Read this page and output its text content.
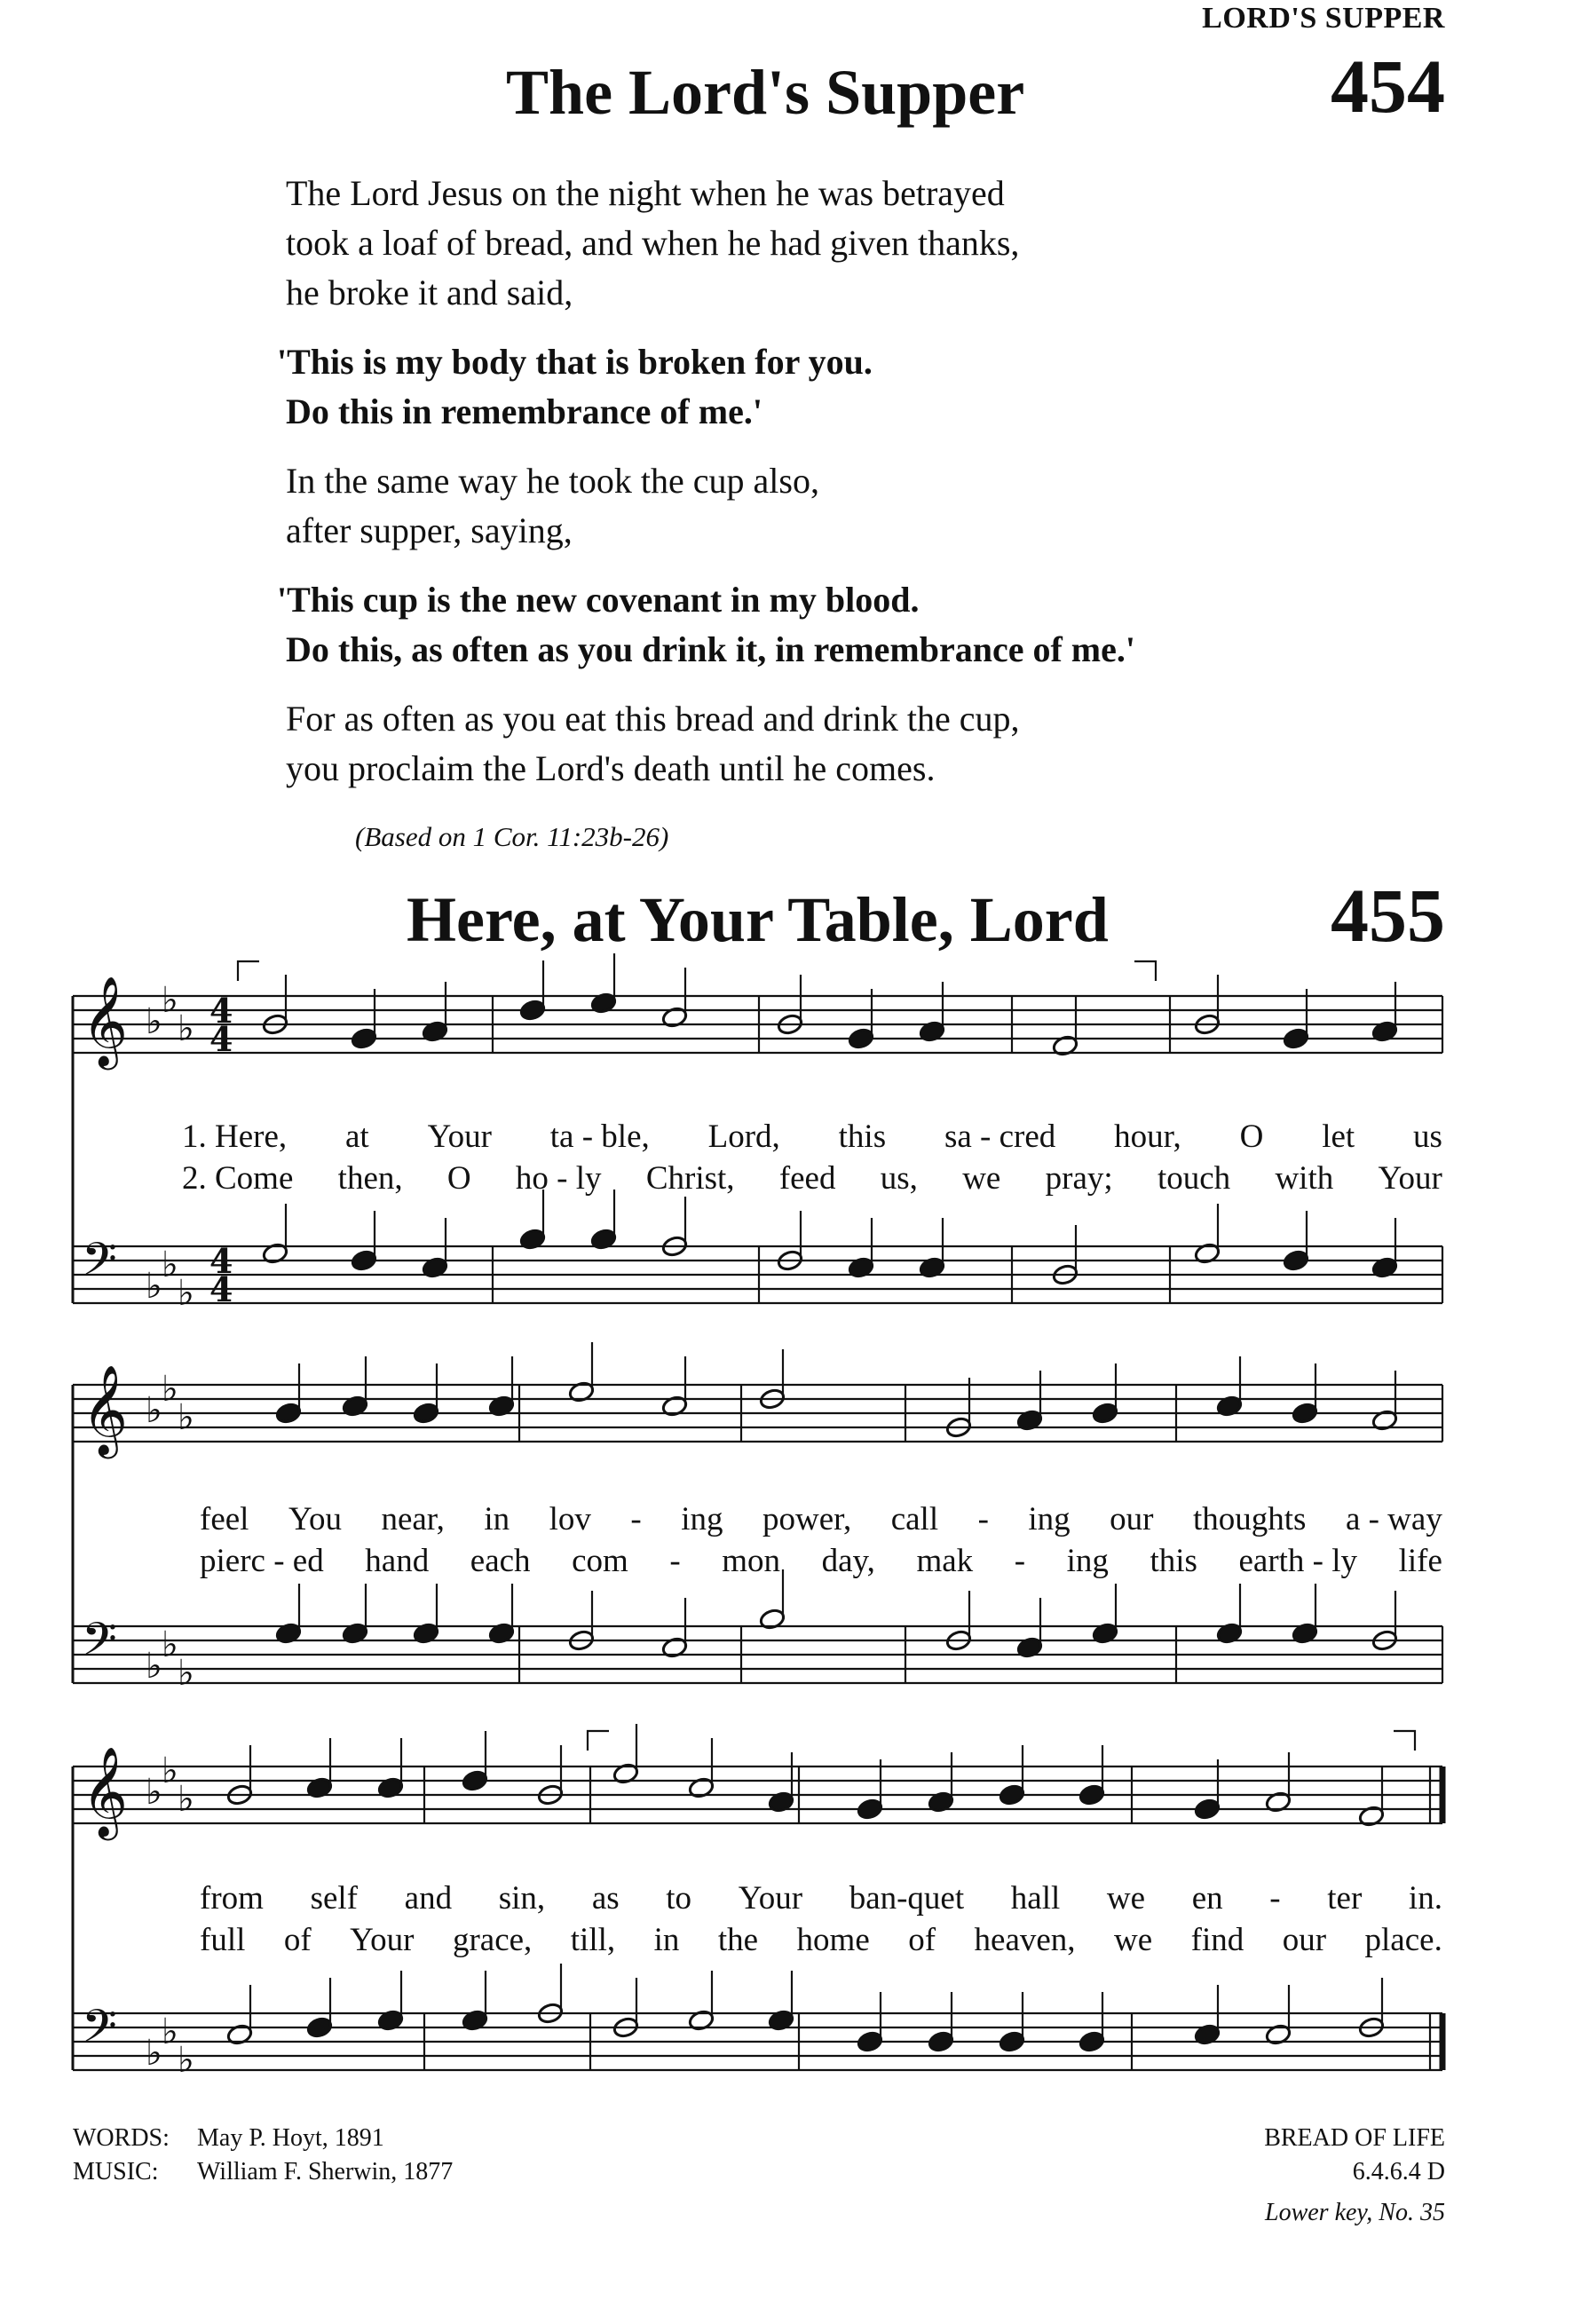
LORD'S SUPPER
The Lord's Supper	454

The Lord Jesus on the night when he was betrayed
took a loaf of bread, and when he had given thanks,
he broke it and said,

'This is my body that is broken for you.
Do this in remembrance of me.'

In the same way he took the cup also,
after supper, saying,

'This cup is the new covenant in my blood.
Do this, as often as you drink it, in remembrance of me.'

For as often as you eat this bread and drink the cup,
you proclaim the Lord's death until he comes.

(Based on 1 Cor. 11:23b-26)
Here, at Your Table, Lord	455
𝄞 ♭
♭
♭
𝄢 ♭
♭
♭
𝄞 ♭
♭
♭
𝄢 ♭
♭
♭
𝄞 ♭
♭
♭
𝄢 ♭
♭
♭
4
4
4
4
1. Here, at Your ta - ble, Lord, this sa - cred hour, O let us
2. Come then, O ho - ly Christ, feed us, we pray; touch with Your
feel You near, in lov - ing power, call - ing our thoughts a - way
pierc - ed hand each com - mon day, mak - ing this earth - ly life
from self and sin, as to Your ban-quet hall we en - ter in.
full of Your grace, till, in the home of heaven, we find our place.
WORDS: May P. Hoyt, 1891
MUSIC: William F. Sherwin, 1877
BREAD OF LIFE
6.4.6.4 D
Lower key, No. 35
